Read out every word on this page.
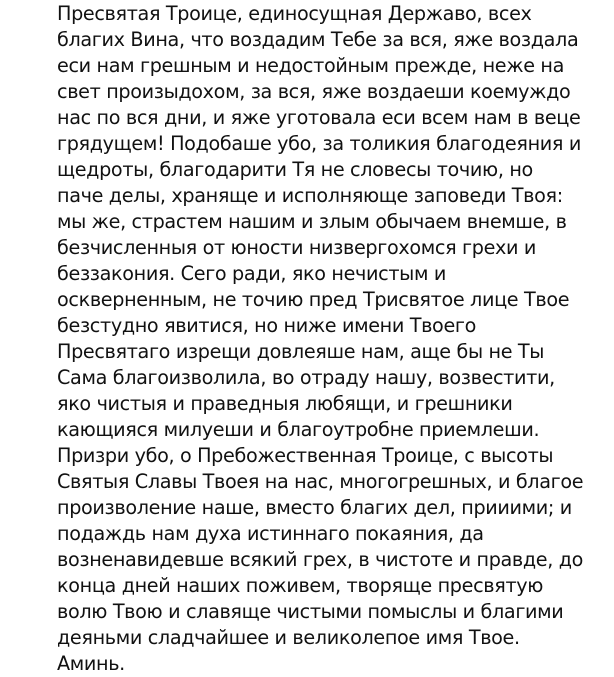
Пресвятая Троице, единосущная Державо, всех
благих Вина, что воздадим Тебе за вся, яже воздала
еси нам грешным и недостойным прежде, неже на
свет произыдохом, за вся, яже воздаеши коемуждо
нас по вся дни, и яже уготовала еси всем нам в веце
грядущем! Подобаше убо, за толикия благодеяния и
щедроты, благодарити Тя не словесы точию, но
паче делы, храняще и исполняюще заповеди Твоя:
мы же, страстем нашим и злым обычаем внемше, в
безчисленныя от юности низвергохомся грехи и
беззакония. Сего ради, яко нечистым и
оскверненным, не точию пред Трисвятое лице Твое
безстудно явитися, но ниже имени Твоего
Пресвятаго изрещи довлеяше нам, аще бы не Ты
Сама благоизволила, во отраду нашу, возвестити,
яко чистыя и праведныя любящи, и грешники
кающияся милуеши и благоутробне приемлеши.
Призри убо, о Пребожественная Троице, с высоты
Святыя Славы Твоея на нас, многогрешных, и благое
произволение наше, вместо благих дел, прииими; и
подаждь нам духа истиннаго покаяния, да
возненавидевше всякий грех, в чистоте и правде, до
конца дней наших поживем, творяще пресвятую
волю Твою и славяще чистыми помыслы и благими
деяньми сладчайшее и великолепое имя Твое.
Аминь.
